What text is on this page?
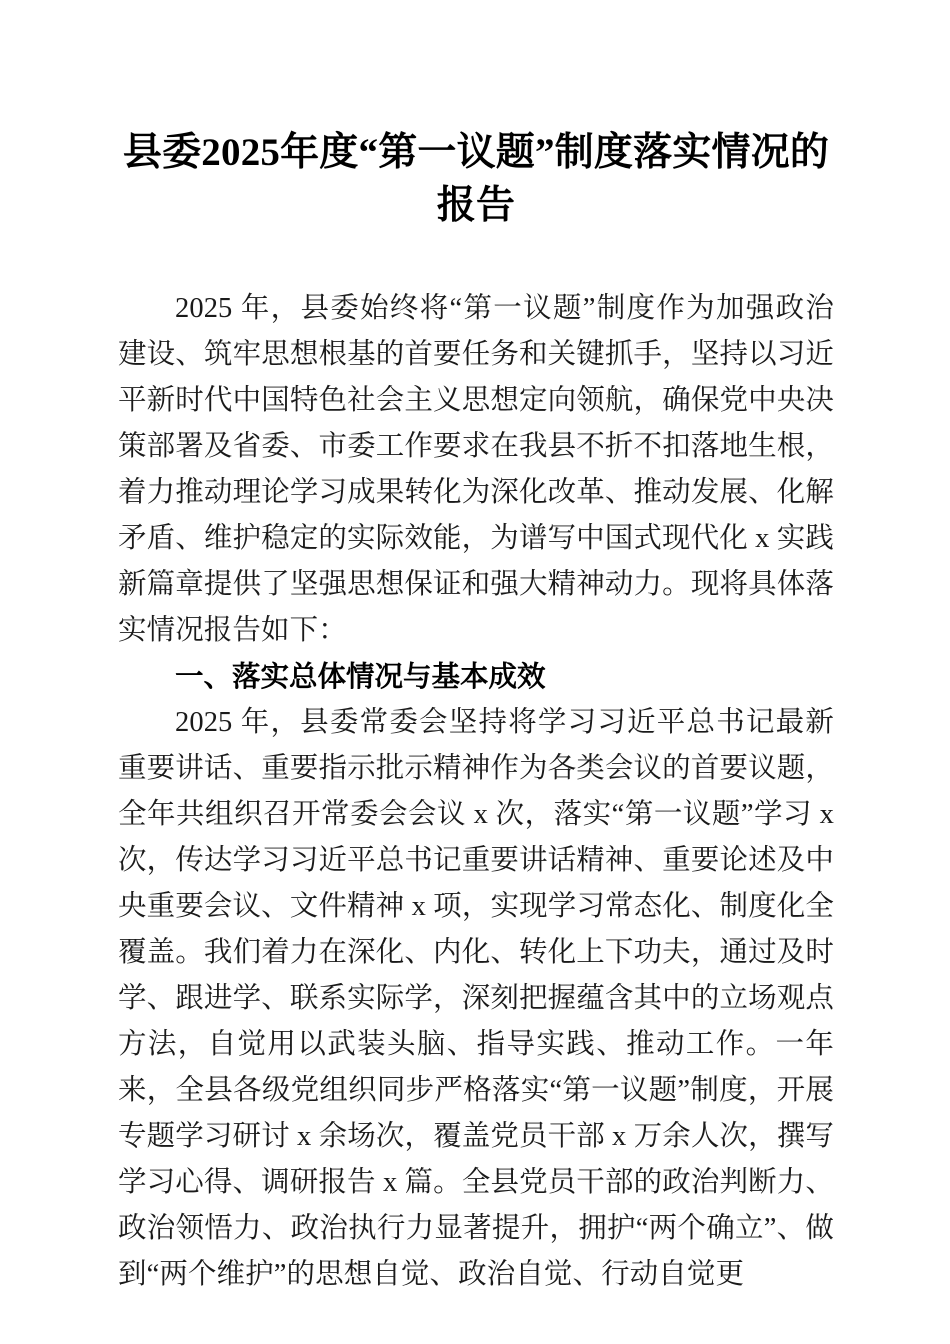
县委2025年度“第一议题”制度落实情况的报告

2025 年，县委始终将“第一议题”制度作为加强政治建设、筑牢思想根基的首要任务和关键抓手，坚持以习近平新时代中国特色社会主义思想定向领航，确保党中央决策部署及省委、市委工作要求在我县不折不扣落地生根，着力推动理论学习成果转化为深化改革、推动发展、化解矛盾、维护稳定的实际效能，为谱写中国式现代化 x 实践新篇章提供了坚强思想保证和强大精神动力。现将具体落实情况报告如下：

一、落实总体情况与基本成效

2025 年，县委常委会坚持将学习习近平总书记最新重要讲话、重要指示批示精神作为各类会议的首要议题，全年共组织召开常委会会议 x 次，落实“第一议题”学习 x 次，传达学习习近平总书记重要讲话精神、重要论述及中央重要会议、文件精神 x 项，实现学习常态化、制度化全覆盖。我们着力在深化、内化、转化上下功夫，通过及时学、跟进学、联系实际学，深刻把握蕴含其中的立场观点方法，自觉用以武装头脑、指导实践、推动工作。一年来，全县各级党组织同步严格落实“第一议题”制度，开展专题学习研讨 x 余场次，覆盖党员干部 x 万余人次，撰写学习心得、调研报告 x 篇。全县党员干部的政治判断力、政治领悟力、政治执行力显著提升，拥护“两个确立”、做到“两个维护”的思想自觉、政治自觉、行动自觉更
